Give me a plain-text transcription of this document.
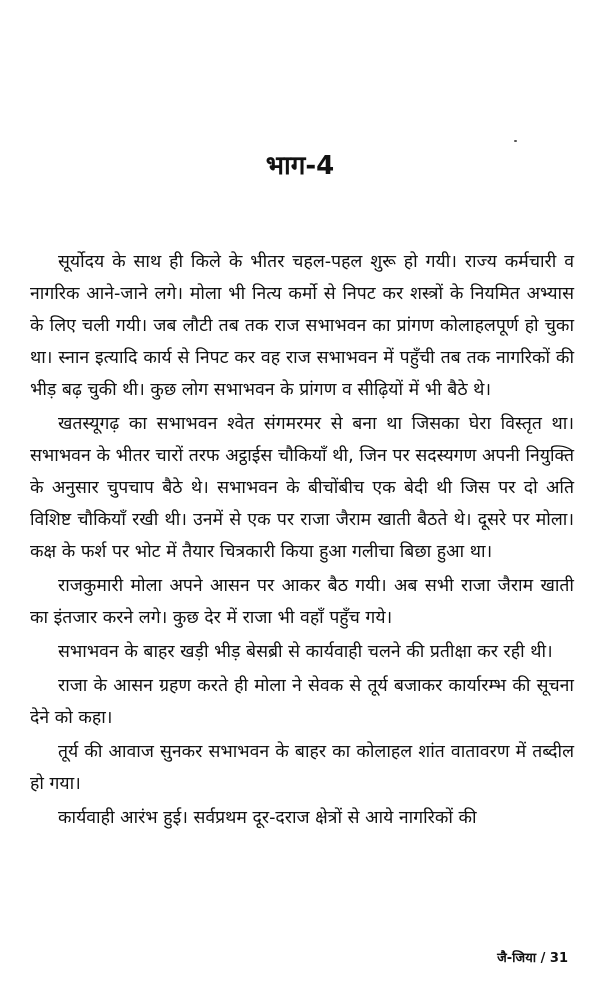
भाग-4

सूर्योदय के साथ ही किले के भीतर चहल-पहल शुरू हो गयी। राज्य कर्मचारी व नागरिक आने-जाने लगे। मोला भी नित्य कर्मो से निपट कर शस्त्रों के नियमित अभ्यास के लिए चली गयी। जब लौटी तब तक राज सभाभवन का प्रांगण कोलाहलपूर्ण हो चुका था। स्नान इत्यादि कार्य से निपट कर वह राज सभाभवन में पहुँची तब तक नागरिकों की भीड़ बढ़ चुकी थी। कुछ लोग सभाभवन के प्रांगण व सीढ़ियों में भी बैठे थे।

खतस्यूगढ़ का सभाभवन श्वेत संगमरमर से बना था जिसका घेरा विस्तृत था। सभाभवन के भीतर चारों तरफ अट्ठाईस चौकियाँ थी, जिन पर सदस्यगण अपनी नियुक्ति के अनुसार चुपचाप बैठे थे। सभाभवन के बीचोंबीच एक बेदी थी जिस पर दो अति विशिष्ट चौकियाँ रखी थी। उनमें से एक पर राजा जैराम खाती बैठते थे। दूसरे पर मोला। कक्ष के फर्श पर भोट में तैयार चित्रकारी किया हुआ गलीचा बिछा हुआ था।

राजकुमारी मोला अपने आसन पर आकर बैठ गयी। अब सभी राजा जैराम खाती का इंतजार करने लगे। कुछ देर में राजा भी वहाँ पहुँच गये।

सभाभवन के बाहर खड़ी भीड़ बेसब्री से कार्यवाही चलने की प्रतीक्षा कर रही थी।

राजा के आसन ग्रहण करते ही मोला ने सेवक से तूर्य बजाकर कार्यारम्भ की सूचना देने को कहा।

तूर्य की आवाज सुनकर सभाभवन के बाहर का कोलाहल शांत वातावरण में तब्दील हो गया।

कार्यवाही आरंभ हुई। सर्वप्रथम दूर-दराज क्षेत्रों से आये नागरिकों की

जै-जिया / 31
